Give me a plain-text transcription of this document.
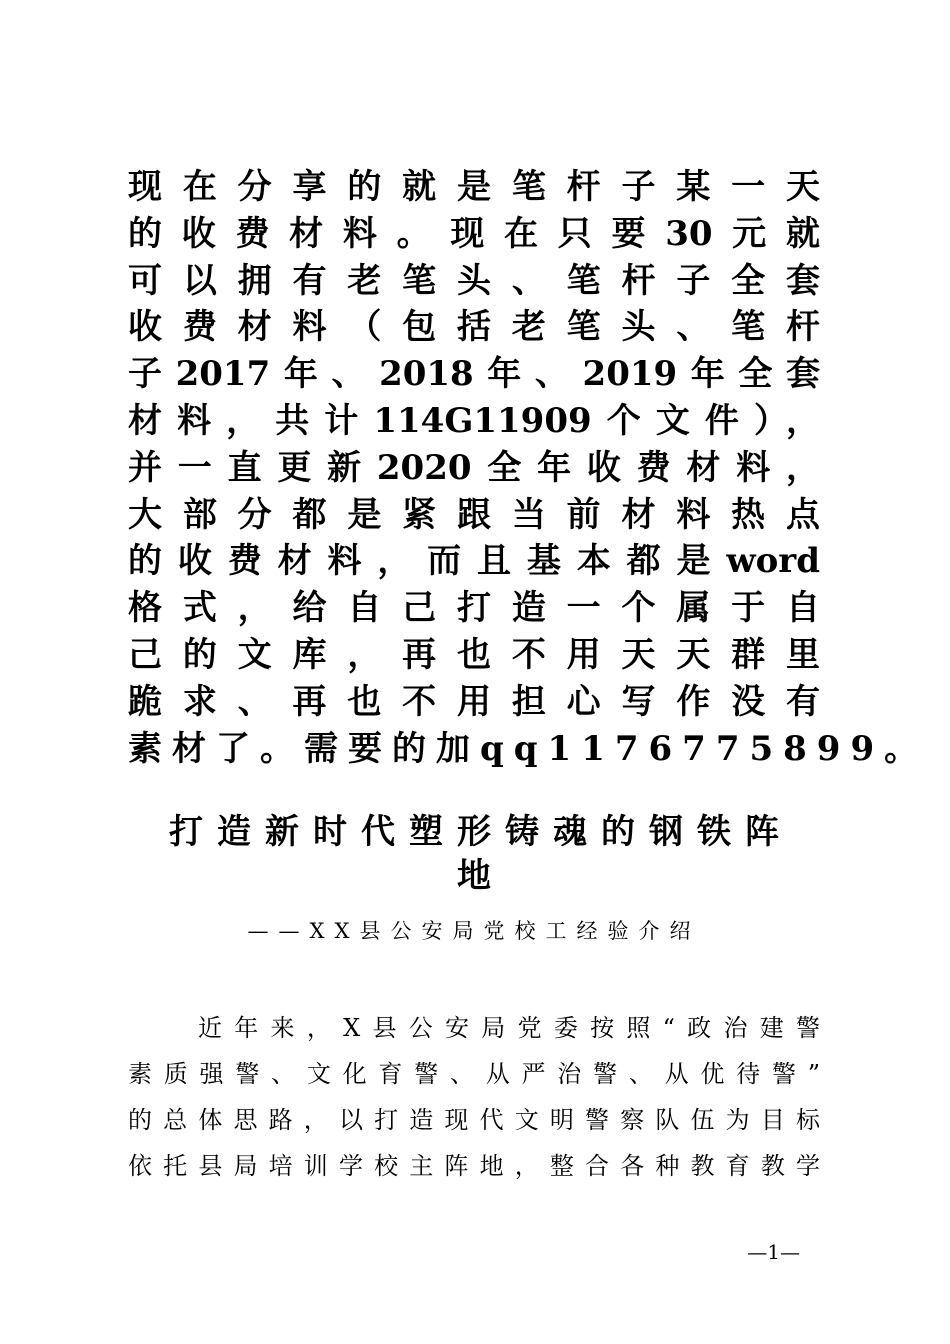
现在分享的就是笔杆子某一天
的收费材料。现在只要30元就
可以拥有老笔头、笔杆子全套
收费材料（包括老笔头、笔杆
子2017年、2018年、2019年全套
材料，共计114G11909个文件），
并一直更新2020全年收费材料，
大部分都是紧跟当前材料热点
的收费材料，而且基本都是word
格式，给自己打造一个属于自
己的文库，再也不用天天群里
跪求、再也不用担心写作没有
素材了。需要的加qq1176775899。
打造新时代塑形铸魂的钢铁阵
地
——XX县公安局党校工经验介绍
近年来，X县公安局党委按照“政治建警
素质强警、文化育警、从严治警、从优待警”
的总体思路，以打造现代文明警察队伍为目标
依托县局培训学校主阵地，整合各种教育教学
—1—
